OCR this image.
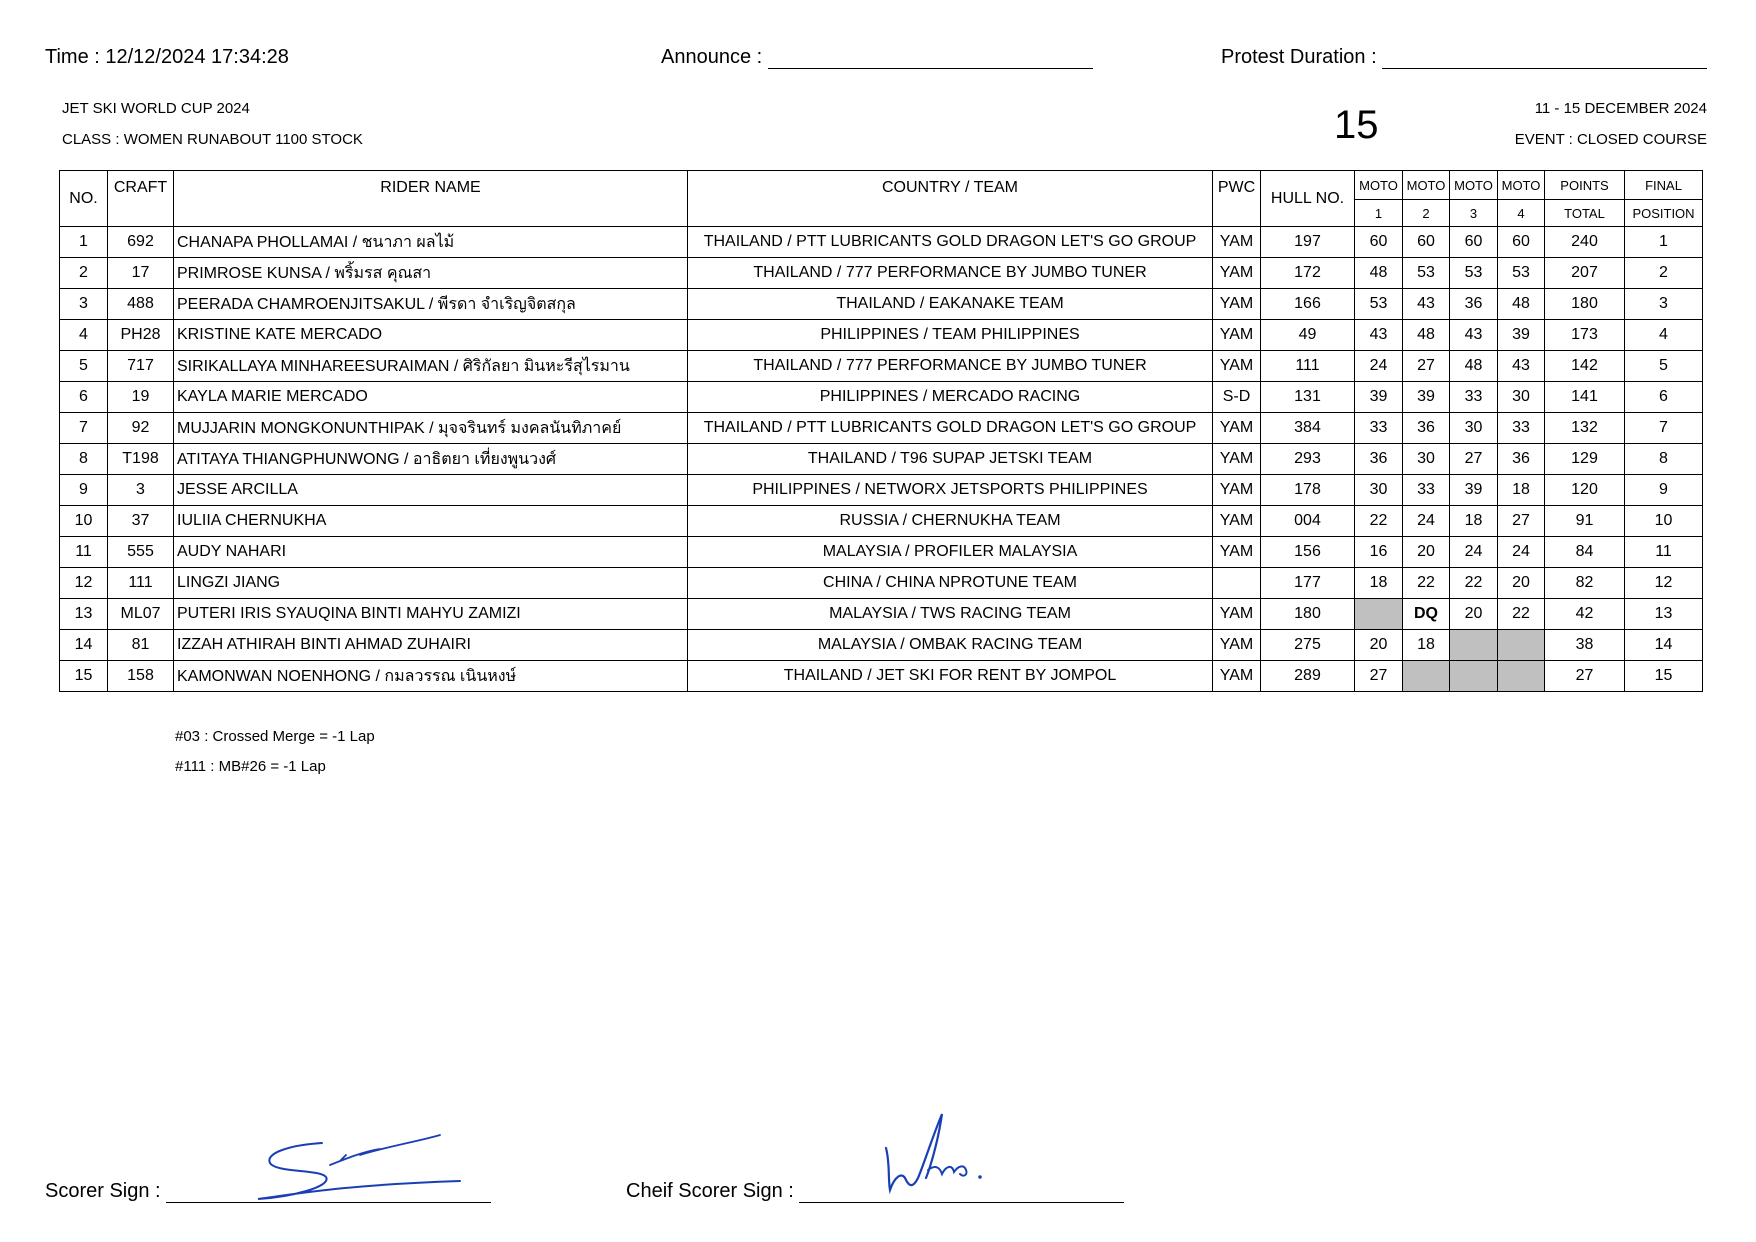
Time : 12/12/2024 17:34:28	Announce :	Protest Duration :
JET SKI WORLD CUP 2024
CLASS : WOMEN RUNABOUT 1100 STOCK	15	11 - 15 DECEMBER 2024
EVENT : CLOSED COURSE
NO.	CRAFT	RIDER NAME	COUNTRY / TEAM	PWC	HULL NO.	MOTO	MOTO	MOTO	MOTO	POINTS	FINAL
						1	2	3	4	TOTAL	POSITION
1	692	CHANAPA PHOLLAMAI / ชนาภา ผลไม้	THAILAND / PTT LUBRICANTS GOLD DRAGON LET'S GO GROUP	YAM	197	60	60	60	60	240	1
2	17	PRIMROSE KUNSA / พริ้มรส คุณสา	THAILAND / 777 PERFORMANCE BY JUMBO TUNER	YAM	172	48	53	53	53	207	2
3	488	PEERADA CHAMROENJITSAKUL / พีรดา จำเริญจิตสกุล	THAILAND / EAKANAKE TEAM	YAM	166	53	43	36	48	180	3
4	PH28	KRISTINE KATE MERCADO	PHILIPPINES / TEAM PHILIPPINES	YAM	49	43	48	43	39	173	4
5	717	SIRIKALLAYA MINHAREESURAIMAN / ศิริกัลยา มินหะรีสุไรมาน	THAILAND / 777 PERFORMANCE BY JUMBO TUNER	YAM	111	24	27	48	43	142	5
6	19	KAYLA MARIE MERCADO	PHILIPPINES / MERCADO RACING	S-D	131	39	39	33	30	141	6
7	92	MUJJARIN MONGKONUNTHIPAK / มุจจรินทร์ มงคลนันทิภาคย์	THAILAND / PTT LUBRICANTS GOLD DRAGON LET'S GO GROUP	YAM	384	33	36	30	33	132	7
8	T198	ATITAYA THIANGPHUNWONG / อาธิตยา เที่ยงพูนวงศ์	THAILAND / T96 SUPAP JETSKI TEAM	YAM	293	36	30	27	36	129	8
9	3	JESSE ARCILLA	PHILIPPINES / NETWORX JETSPORTS PHILIPPINES	YAM	178	30	33	39	18	120	9
10	37	IULIIA CHERNUKHA	RUSSIA / CHERNUKHA TEAM	YAM	004	22	24	18	27	91	10
11	555	AUDY NAHARI	MALAYSIA / PROFILER MALAYSIA	YAM	156	16	20	24	24	84	11
12	111	LINGZI JIANG	CHINA / CHINA NPROTUNE TEAM		177	18	22	22	20	82	12
13	ML07	PUTERI IRIS SYAUQINA BINTI MAHYU ZAMIZI	MALAYSIA / TWS RACING TEAM	YAM	180		DQ	20	22	42	13
14	81	IZZAH ATHIRAH BINTI AHMAD ZUHAIRI	MALAYSIA / OMBAK RACING TEAM	YAM	275	20	18			38	14
15	158	KAMONWAN NOENHONG / กมลวรรณ เนินหงษ์	THAILAND / JET SKI FOR RENT BY JOMPOL	YAM	289	27				27	15
#03 : Crossed Merge = -1 Lap
#111 : MB#26 = -1 Lap
Scorer Sign :	Cheif Scorer Sign :
